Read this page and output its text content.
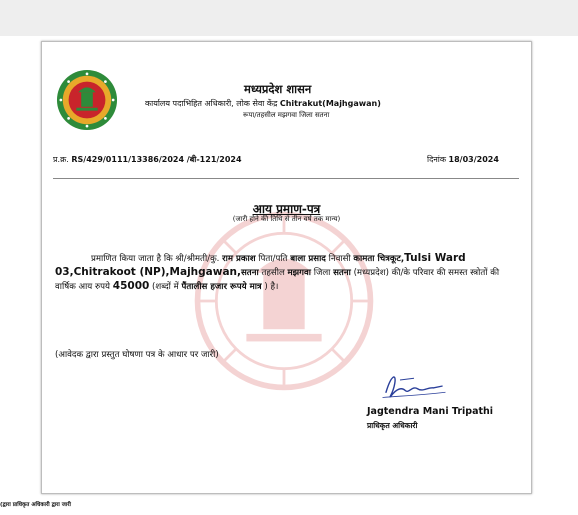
मध्यप्रदेश शासन
कार्यालय पदाभिहित अधिकारी, लोक सेवा केंद्र Chitrakut(Majhgawan)
रूपा/तहसील मझगवा जिला सतना
प्र.क्र. RS/429/0111/13386/2024 /बी-121/2024	दिनांक 18/03/2024
आय प्रमाण-पत्र
(जारी होने की तिथि से तीन वर्ष तक मान्य)
प्रमाणित किया जाता है कि श्री/श्रीमती/कु. राम प्रकाश पिता/पति बाला प्रसाद निवासी कामता चित्रकूट,Tulsi Ward 03,Chitrakoot (NP),Majhgawan,सतना तहसील मझगवा जिला सतना (मध्यप्रदेश) की/के परिवार की समस्त स्त्रोतों की वार्षिक आय रुपये 45000 (शब्दों में पैंतालीस हजार रूपये मात्र ) है।
(आवेदक द्वारा प्रस्तुत घोषणा पत्र के आधार पर जारी)
Jagtendra Mani Tripathi
प्राधिकृत अधिकारी
(द्वारा प्राधिकृत अधिकारी द्वारा जारी
